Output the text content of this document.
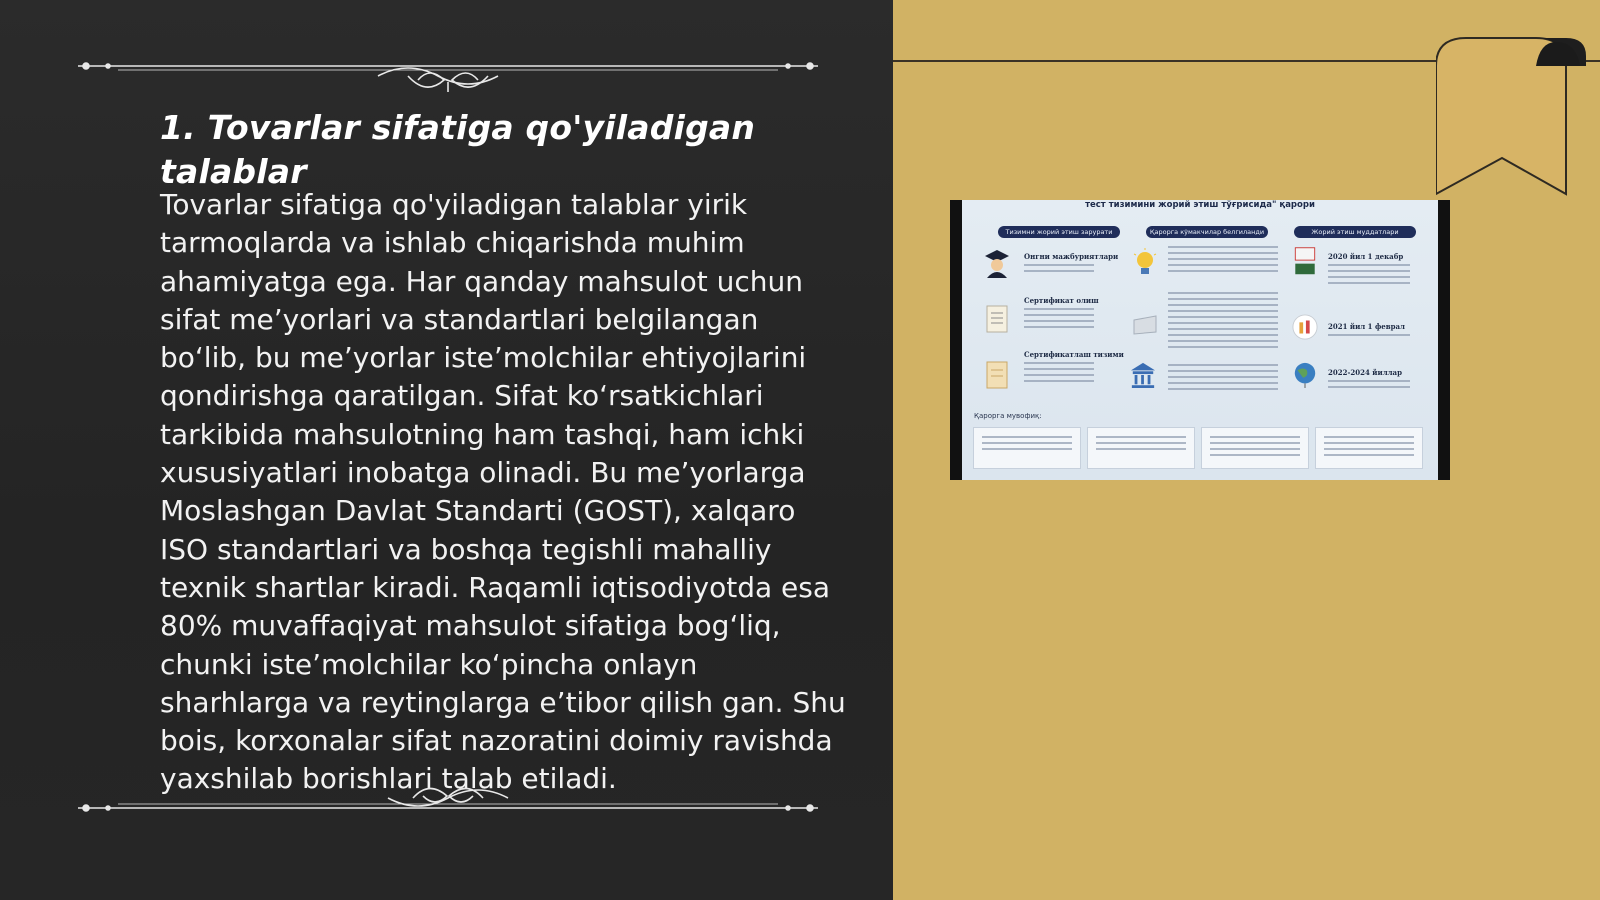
1. Tovarlar sifatiga qo'yiladigan talablar

Tovarlar sifatiga qo'yiladigan talablar yirik tarmoqlarda va ishlab chiqarishda muhim ahamiyatga ega. Har qanday mahsulot uchun sifat me’yorlari va standartlari belgilangan bo‘lib, bu me’yorlar iste’molchilar ehtiyojlarini qondirishga qaratilgan. Sifat ko‘rsatkichlari tarkibida mahsulotning ham tashqi, ham ichki xususiyatlari inobatga olinadi. Bu me’yorlarga Moslashgan Davlat Standarti (GOST), xalqaro ISO standartlari va boshqa tegishli mahalliy texnik shartlar kiradi. Raqamli iqtisodiyotda esa 80% muvaffaqiyat mahsulot sifatiga bog‘liq, chunki iste’molchilar ko‘pincha onlayn sharhlarga va reytinglarga e’tibor qilish gan. Shu bois, korxonalar sifat nazoratini doimiy ravishda yaxshilab borishlari talab etiladi.

тест тизимини жорий этиш тўғрисида" қарори
Тизимни жорий этиш зарурати	Қарорга кўмакчилар белгиланди	Жорий этиш муддатлари
Онгни мажбуриятлари
Сертификат олиш
Сертификатлаш тизими
2020 йил 1 декабр
2021 йил 1 феврал
2022-2024 йиллар
Қарорга мувофиқ:
